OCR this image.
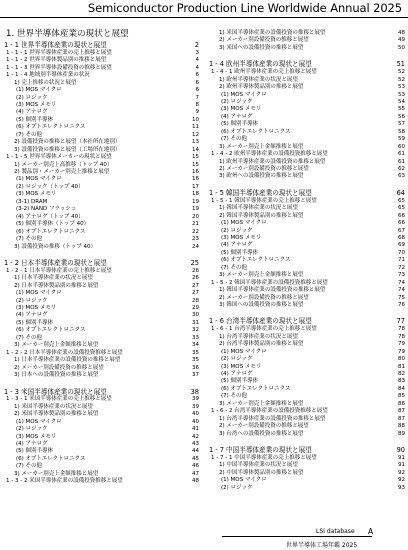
Semiconductor Production Line Worldwide Annual 2025
1. 世界半導体産業の現状と展望
1 - 1 世界半導体産業の現状と展望	2
1 - 1 - 1 世界半導体産業の売上推移と展望	3
1 - 1 - 2 世界半導体製品別の推移と展望	4
1 - 1 - 3 世界半導体設備投資の推移と展望	4
1 - 1 - 4 地域別半導体産業の状況	6
1) 売上推移の状況と展望	6
(1) MOS マイクロ	6
(2) ロジック	7
(3) MOS メモリ	8
(4) アナログ	9
(5) 個別半導体	10
(6) オプトエレクトロニクス	11
(7) その他	12
2) 設備投資の推移と展望（本社所在地別）	13
3) 設備投資の推移と展望（工場所在地別）	14
1 - 1 - 5 世界半導体メーカーの現状と展望	15
1) メーカー別売上高推移（トップ 40）	15
2) 製品別・メーカー別売上推移と展望	16
(1) MOS マイクロ	16
(2) ロジック（トップ 40）	17
(3) MOS メモリ	18
(3-1) DRAM	19
(3-2) NAND フラッシュ	19
(4) アナログ（トップ 40）	20
(5) 個別半導体（トップ 40）	21
(6) オプトエレクトロニクス	22
(7) その他	23
3) 設備投資の推移（トップ 40）	24
1 - 2 日本半導体産業の現状と展望	25
1 - 2 - 1 日本半導体産業の売上推移と展望	26
1) 日本半導体産業の状況と展望	26
2) 日本半導体製品別の推移と展望	27
(1) MOS マイクロ	27
(2) ロジック	28
(3) MOS メモリ	29
(4) アナログ	30
(5) 個別半導体	31
(6) オプトエレクトロニクス	32
(7) その他	33
3) メーカー別売上金額推移と展望	34
1 - 2 - 2 日本半導体産業の設備投資推移と展望	35
1) 日本半導体産業の設備投資の推移と展望	35
2) メーカー別設備投資の推移と展望	36
3) 日本への設備投資の推移と展望	37
1 - 3 米国半導体産業の現状と展望	38
1 - 3 - 1 米国半導体産業の売上推移と展望	39
1) 米国半導体産業の状況と展望	39
2) 米国半導体製品別の推移と展望	40
(1) MOS マイクロ	40
(2) ロジック	41
(3) MOS メモリ	42
(4) アナログ	43
(5) 個別半導体	44
(6) オプトエレクトロニクス	45
(7) その他	46
3) メーカー別売上金額推移と展望	47
1 - 3 - 2 米国半導体産業の設備投資推移と展望	48
1) 米国半導体産業の設備投資の推移と展望	48
2) メーカー別設備投資の推移と展望	49
3) 米国への設備投資の推移と展望	50
1 - 4 欧州半導体産業の現状と展望	51
1 - 4 - 1 欧州半導体産業の売上推移と展望	52
1) 欧州半導体産業の状況と展望	52
2) 欧州半導体製品別の推移と展望	53
(1) MOS マイクロ	53
(2) ロジック	54
(3) MOS メモリ	55
(4) アナログ	56
(5) 個別半導体	57
(6) オプトエレクトロニクス	58
(7) その他	59
3) メーカー別売上金額推移と展望	60
1 - 4 - 2 欧州半導体産業の設備投資推移と展望	61
1) 欧州半導体産業の設備投資の推移と展望	61
2) メーカー別設備投資の推移と展望	62
3) 欧州への設備投資の推移と展望	63
1 - 5 韓国半導体産業の現状と展望	64
1 - 5 - 1 韓国半導体産業の売上推移と展望	65
1) 韓国半導体産業の状況と展望	65
2) 韓国半導体製品別の推移と展望	66
(1) MOS マイクロ	66
(2) ロジック	67
(3) MOS メモリ	68
(4) アナログ	69
(5) 個別半導体	70
(6) オプトエレクトロニクス	71
(7) その他	72
3) メーカー別売上金額推移と展望	73
1 - 5 - 2 韓国半導体産業の設備投資推移と展望	74
1) 韓国半導体産業の設備投資の推移と展望	74
2) メーカー別設備投資の推移と展望	75
3) 韓国への設備投資の推移と展望	76
1 - 6 台湾半導体産業の現状と展望	77
1 - 6 - 1 台湾半導体産業の売上推移と展望	78
1) 台湾半導体産業の状況と展望	78
2) 台湾半導体製品別の推移と展望	79
(1) MOS マイクロ	79
(2) ロジック	80
(3) MOS メモリ	81
(4) アナログ	82
(5) 個別半導体	83
(6) オプトエレクトロニクス	84
(7) その他	85
3) メーカー別売上金額推移と展望	86
1 - 6 - 2 台湾半導体産業の設備投資推移と展望	87
1) 台湾半導体産業の設備投資の推移と展望	87
2) メーカー別設備投資の推移と展望	88
3) 台湾への設備投資の推移と展望	89
1 - 7 中国半導体産業の現状と展望	90
1 - 7 - 1 中国半導体産業の売上推移と展望	91
1) 中国半導体産業の状況と展望	91
2) 中国半導体製品別の推移と展望	92
(1) MOS マイクロ	92
(2) ロジック	93
LSI database A
世界半導体工場年鑑 2025
